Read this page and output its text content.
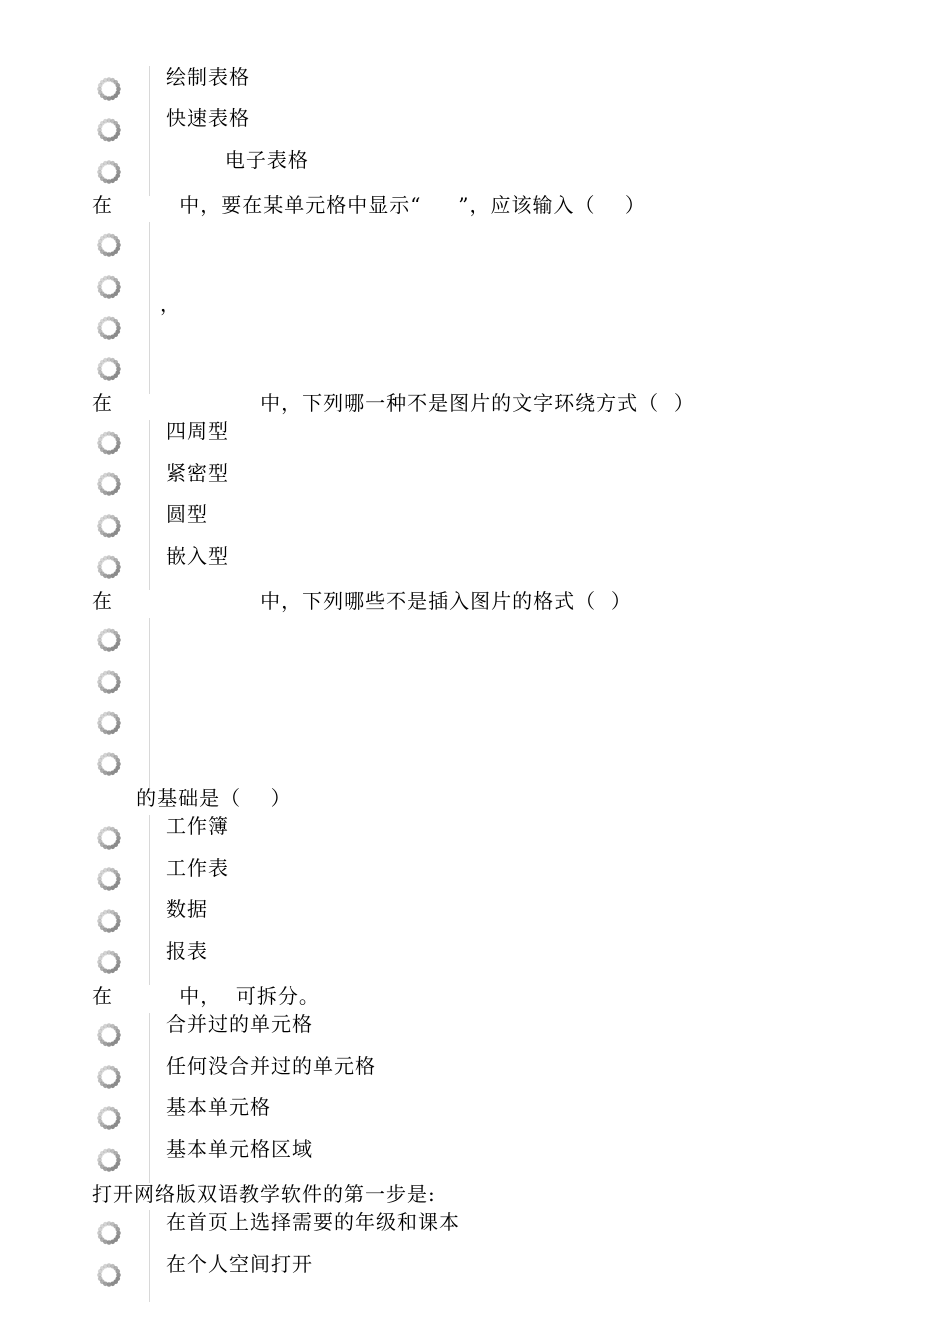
绘制表格
快速表格
电子表格
在         中，要在某单元格中显示“     ”，应该输入（    ）
，
在                    中，下列哪一种不是图片的文字环绕方式（  ）
四周型
紧密型
圆型
嵌入型
在                    中，下列哪些不是插入图片的格式（  ）
的基础是（    ）
工作簿
工作表
数据
报表
在         中，  可拆分。
合并过的单元格
任何没合并过的单元格
基本单元格
基本单元格区域
打开网络版双语教学软件的第一步是:
在首页上选择需要的年级和课本
在个人空间打开
